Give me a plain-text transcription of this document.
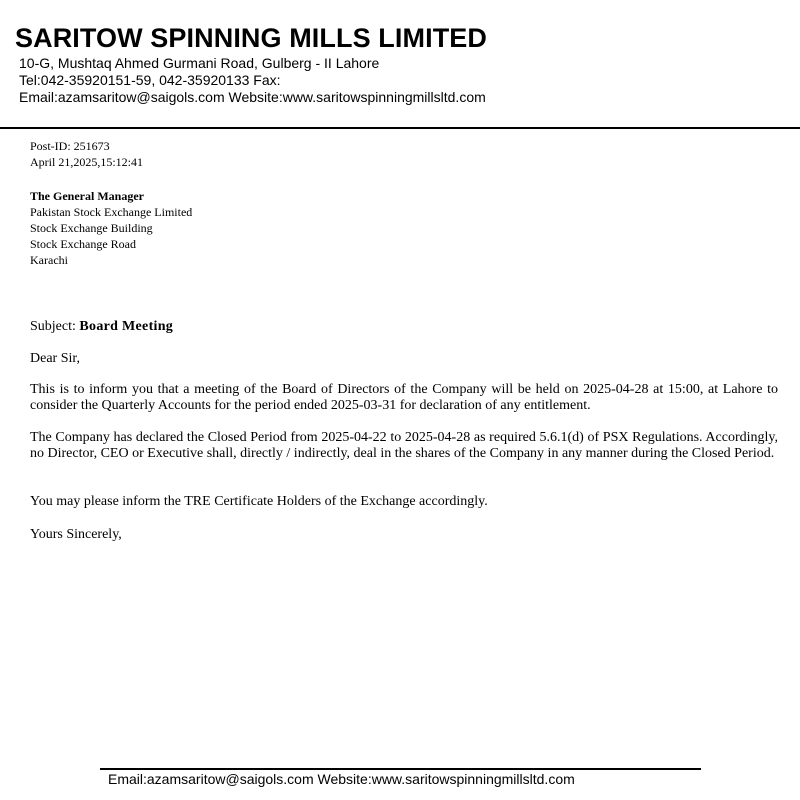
SARITOW SPINNING MILLS LIMITED
10-G, Mushtaq Ahmed Gurmani Road, Gulberg - II Lahore
Tel:042-35920151-59, 042-35920133 Fax:
Email:azamsaritow@saigols.com Website:www.saritowspinningmillsltd.com
Post-ID: 251673
April 21,2025,15:12:41
The General Manager
Pakistan Stock Exchange Limited
Stock Exchange Building
Stock Exchange Road
Karachi
Subject: Board Meeting
Dear Sir,
This is to inform you that a meeting of the Board of Directors of the Company will be held on 2025-04-28 at 15:00, at Lahore to consider the Quarterly Accounts for the period ended 2025-03-31 for declaration of any entitlement.
The Company has declared the Closed Period from 2025-04-22 to 2025-04-28 as required 5.6.1(d) of PSX Regulations. Accordingly, no Director, CEO or Executive shall, directly / indirectly, deal in the shares of the Company in any manner during the Closed Period.
You may please inform the TRE Certificate Holders of the Exchange accordingly.
Yours Sincerely,
Email:azamsaritow@saigols.com Website:www.saritowspinningmillsltd.com
